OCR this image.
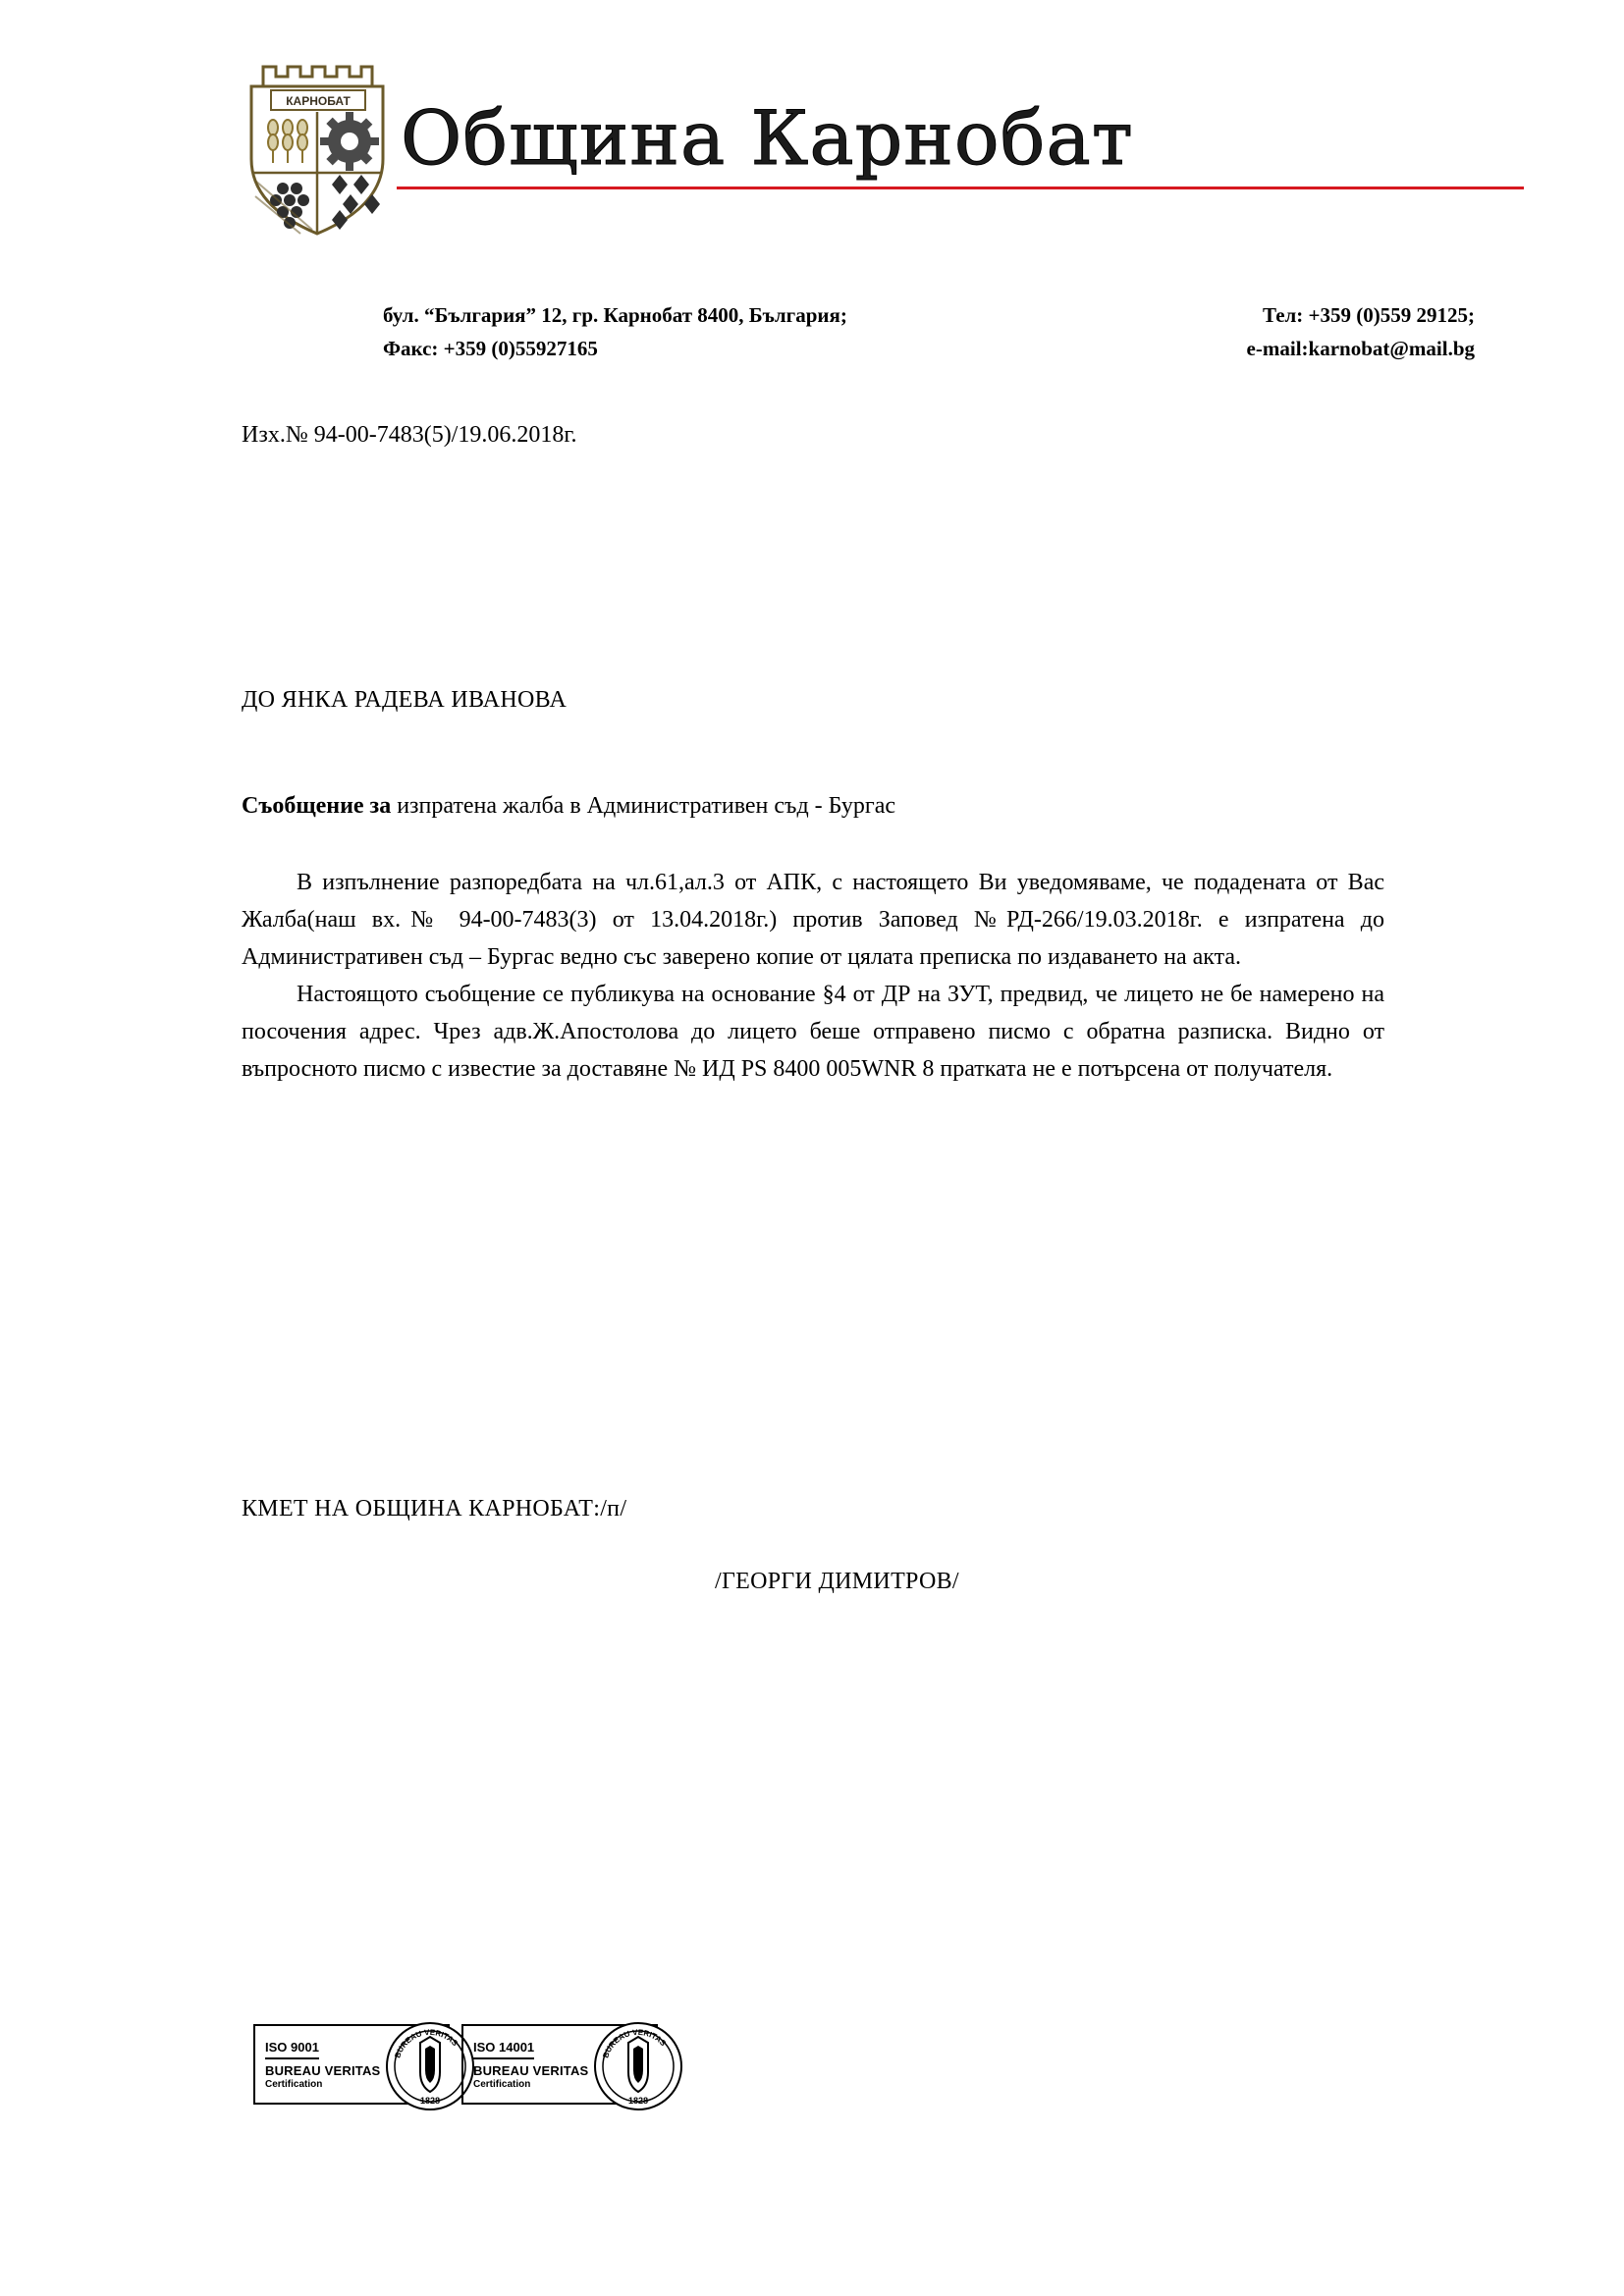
КАРНОБАТ Община Карнобат
бул. “България” 12, гр. Карнобат 8400, България;	Тел: +359 (0)559 29125;
Факс: +359 (0)55927165	e-mail:karnobat@mail.bg
Изх.№ 94-00-7483(5)/19.06.2018г.
ДО ЯНКА РАДЕВА ИВАНОВА
Съобщение за изпратена жалба в Административен съд - Бургас

В изпълнение разпоредбата на чл.61,ал.3 от АПК, с настоящето Ви уведомяваме, че подадената от Вас Жалба(наш вх.№ 94-00-7483(3) от 13.04.2018г.) против Заповед №РД-266/19.03.2018г. е изпратена до Административен съд – Бургас ведно със заверено копие от цялата преписка по издаването на акта.

Настоящото съобщение се публикува на основание §4 от ДР на ЗУТ, предвид, че лицето не бе намерено на посочения адрес. Чрез адв.Ж.Апостолова до лицето беше отправено писмо с обратна разписка. Видно от въпросното писмо с известие за доставяне № ИД PS 8400 005WNR 8 пратката не е потърсена от получателя.

КМЕТ НА ОБЩИНА КАРНОБАТ:/п/
/ГЕОРГИ ДИМИТРОВ/
ISO 9001
BUREAU VERITAS
Certification
1828
BUREAU VERITAS	ISO 14001
BUREAU VERITAS
Certification
1828
BUREAU VERITAS
